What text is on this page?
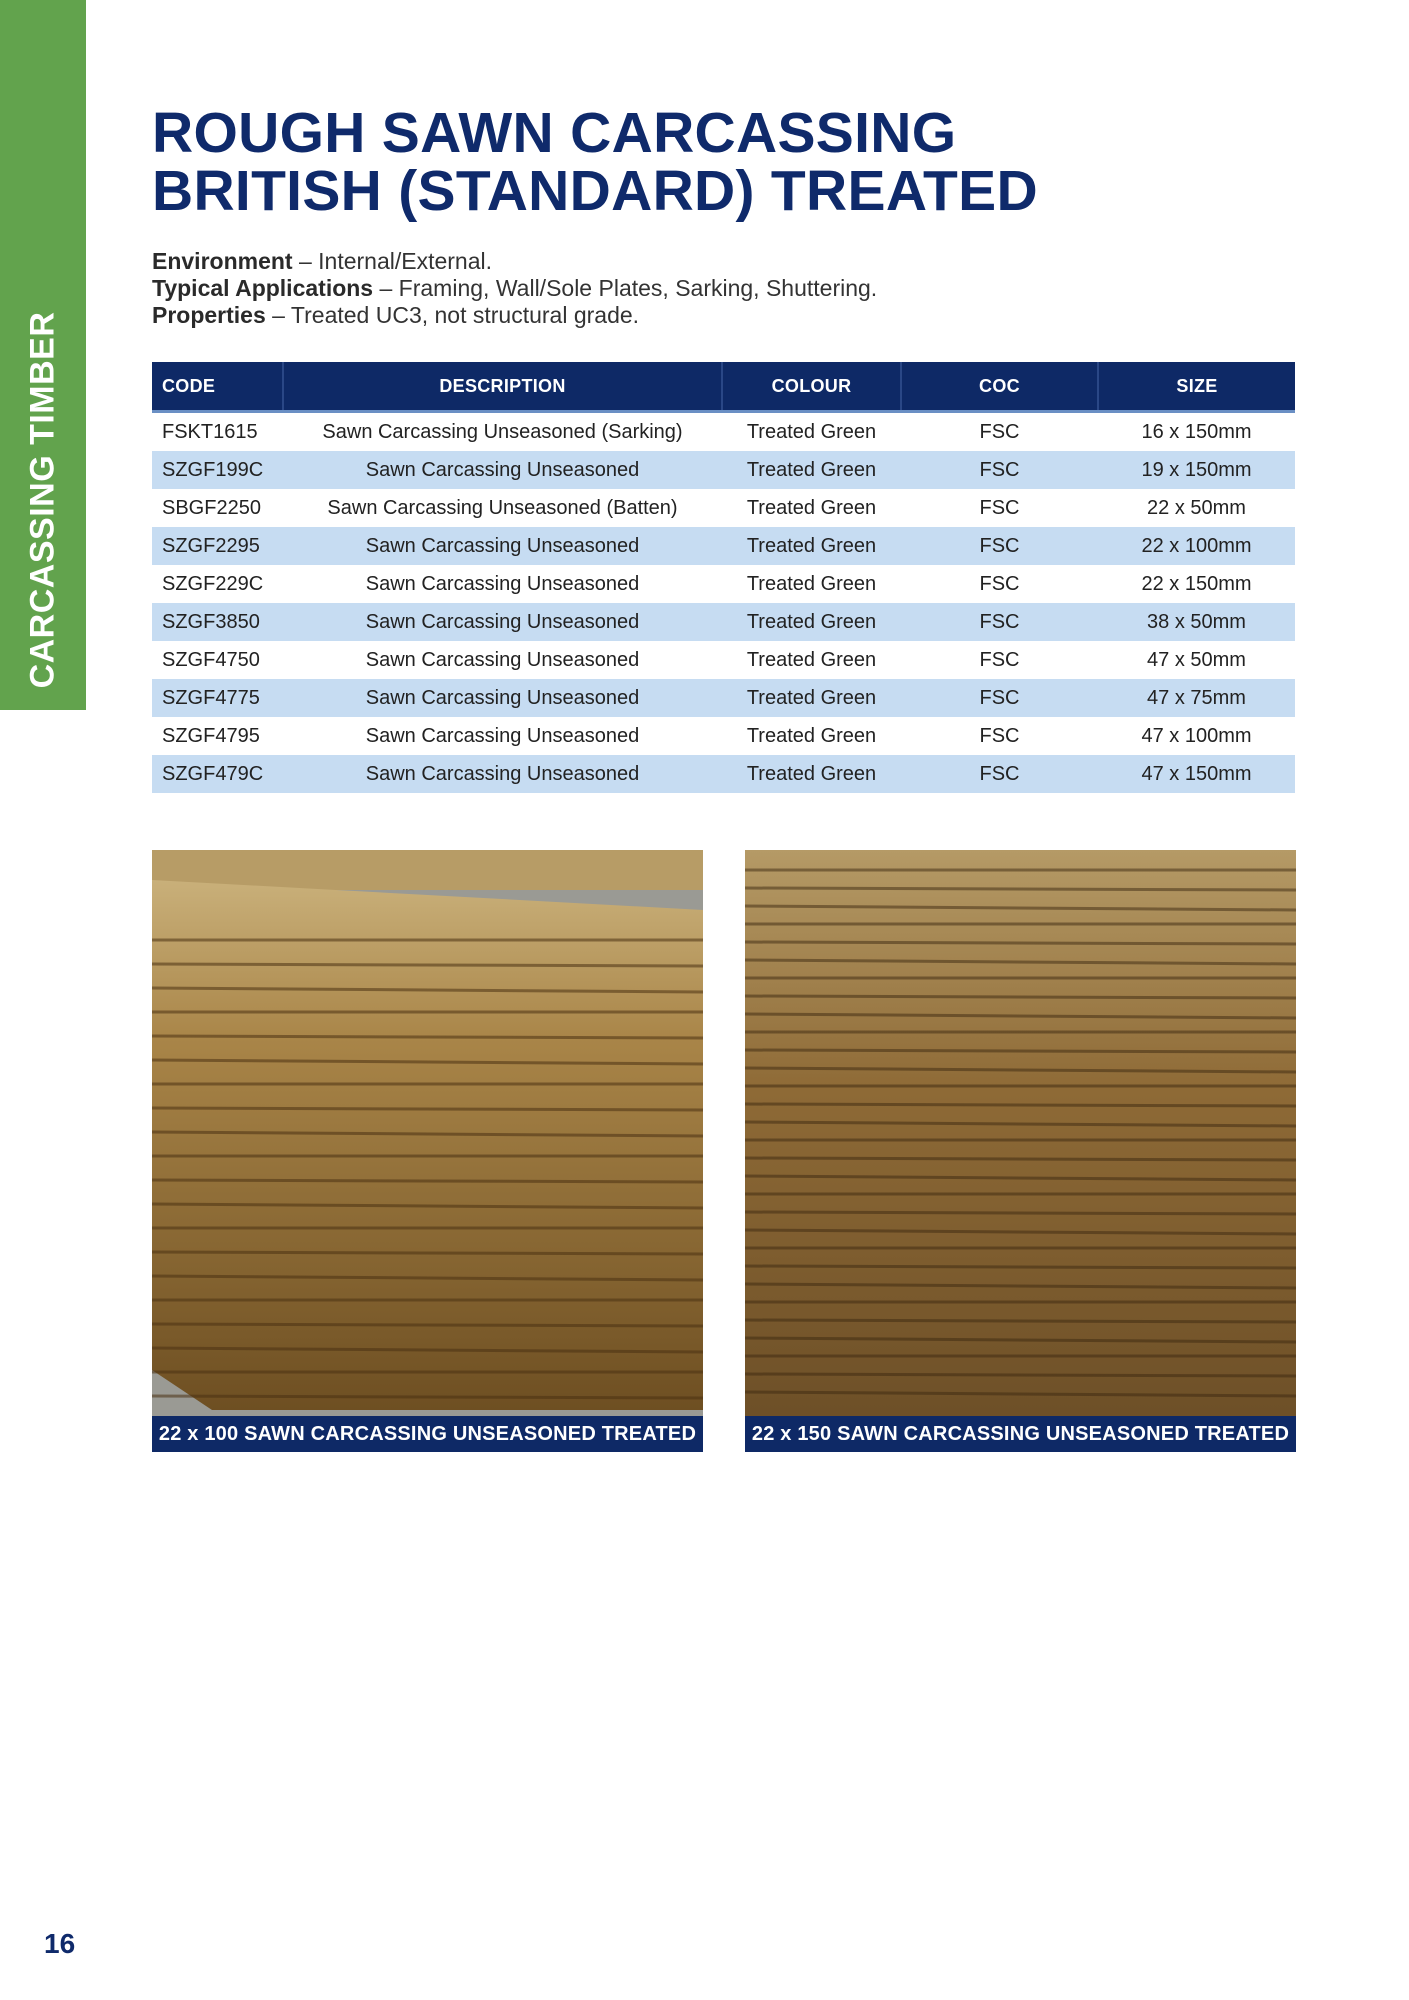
CARCASSING TIMBER
ROUGH SAWN CARCASSING
BRITISH (STANDARD) TREATED
Environment – Internal/External.
Typical Applications – Framing, Wall/Sole Plates, Sarking, Shuttering.
Properties – Treated UC3, not structural grade.
CODE	DESCRIPTION	COLOUR	COC	SIZE

FSKT1615	Sawn Carcassing Unseasoned (Sarking)	Treated Green	FSC	16 x 150mm
SZGF199C	Sawn Carcassing Unseasoned	Treated Green	FSC	19 x 150mm
SBGF2250	Sawn Carcassing Unseasoned (Batten)	Treated Green	FSC	22 x 50mm
SZGF2295	Sawn Carcassing Unseasoned	Treated Green	FSC	22 x 100mm
SZGF229C	Sawn Carcassing Unseasoned	Treated Green	FSC	22 x 150mm
SZGF3850	Sawn Carcassing Unseasoned	Treated Green	FSC	38 x 50mm
SZGF4750	Sawn Carcassing Unseasoned	Treated Green	FSC	47 x 50mm
SZGF4775	Sawn Carcassing Unseasoned	Treated Green	FSC	47 x 75mm
SZGF4795	Sawn Carcassing Unseasoned	Treated Green	FSC	47 x 100mm
SZGF479C	Sawn Carcassing Unseasoned	Treated Green	FSC	47 x 150mm
22 x 100 SAWN CARCASSING UNSEASONED TREATED	22 x 150 SAWN CARCASSING UNSEASONED TREATED
16
